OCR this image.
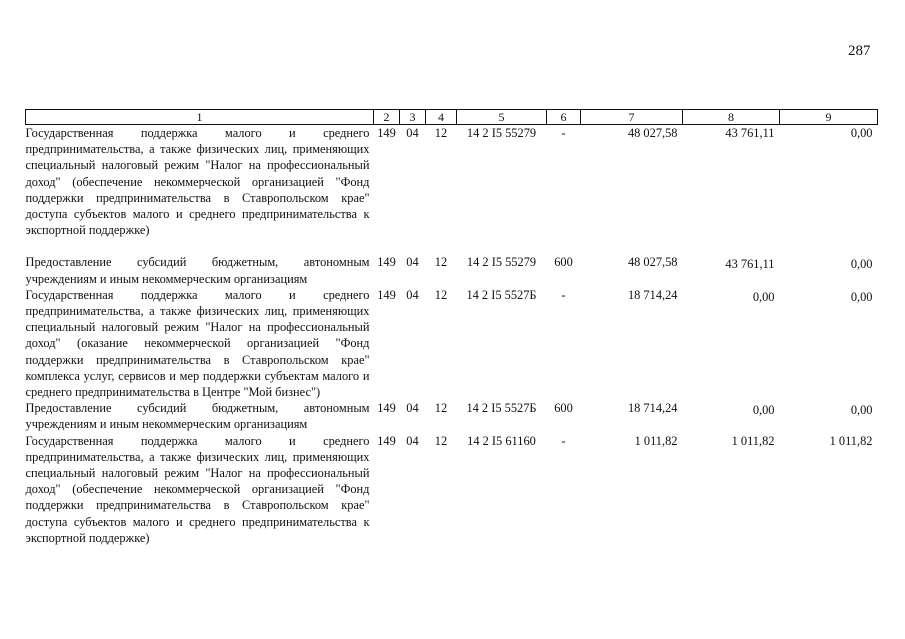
287
1	2	3	4	5	6	7	8	9
Государственная поддержка малого и среднего предпринимательства, а также физических лиц, применяющих специальный налоговый режим "Налог на профессиональный доход" (обеспечение некоммерческой организацией "Фонд поддержки предпринимательства в Ставропольском крае" доступа субъектов малого и среднего предпринимательства к экспортной поддержке)	149	04	12	14 2 I5 55279	-	48 027,58	43 761,11	0,00
Предоставление субсидий бюджетным, автономным учреждениям и иным некоммерческим организациям	149	04	12	14 2 I5 55279	600	48 027,58	43 761,11	0,00
Государственная поддержка малого и среднего предпринимательства, а также физических лиц, применяющих специальный налоговый режим "Налог на профессиональный доход" (оказание некоммерческой организацией "Фонд поддержки предпринимательства в Ставропольском крае" комплекса услуг, сервисов и мер поддержки субъектам малого и среднего предпринимательства в Центре "Мой бизнес")	149	04	12	14 2 I5 5527Б	-	18 714,24	0,00	0,00
Предоставление субсидий бюджетным, автономным учреждениям и иным некоммерческим организациям	149	04	12	14 2 I5 5527Б	600	18 714,24	0,00	0,00
Государственная поддержка малого и среднего предпринимательства, а также физических лиц, применяющих специальный налоговый режим "Налог на профессиональный доход" (обеспечение некоммерческой организацией "Фонд поддержки предпринимательства в Ставропольском крае" доступа субъектов малого и среднего предпринимательства к экспортной поддержке)	149	04	12	14 2 I5 61160	-	1 011,82	1 011,82	1 011,82
